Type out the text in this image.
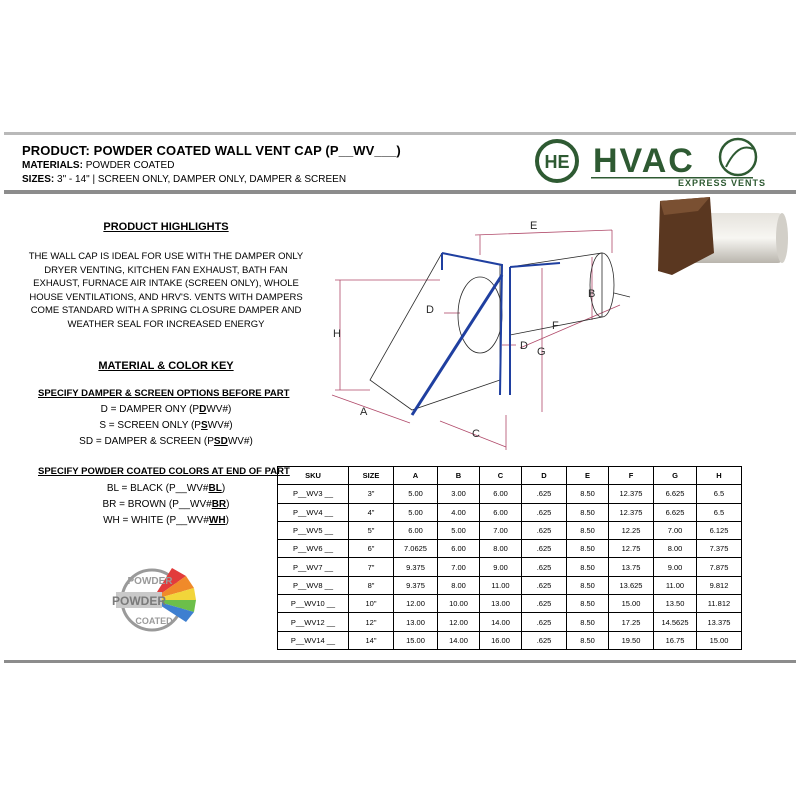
PRODUCT: POWDER COATED WALL VENT CAP (P__WV___)
MATERIALS: POWDER COATED
SIZES: 3" - 14" | SCREEN ONLY, DAMPER ONLY, DAMPER & SCREEN
HE HVAC
EXPRESS VENTS
PRODUCT HIGHLIGHTS
THE WALL CAP IS IDEAL FOR USE WITH THE DAMPER ONLY
DRYER VENTING, KITCHEN FAN EXHAUST, BATH FAN
EXHAUST, FURNACE AIR INTAKE (SCREEN ONLY), WHOLE
HOUSE VENTILATIONS, AND HRV'S. VENTS WITH DAMPERS
COME STANDARD WITH A SPRING CLOSURE DAMPER AND
WEATHER SEAL FOR INCREASED ENERGY
MATERIAL & COLOR KEY
SPECIFY DAMPER & SCREEN OPTIONS BEFORE PART
D = DAMPER ONY (PDWV#)
S = SCREEN ONLY (PSWV#)
SD = DAMPER & SCREEN (PSDWV#)
SPECIFY POWDER COATED COLORS AT END OF PART
BL = BLACK (P__WV#BL)
BR = BROWN (P__WV#BR)
WH = WHITE (P__WV#WH)
POWDER
POWDER
COATED
E
B
F
G
H
A
C
D
D
SKU	SIZE	A	B	C	D	E	F	G	H
P__WV3 __	3"	5.00	3.00	6.00	.625	8.50	12.375	6.625	6.5
P__WV4 __	4"	5.00	4.00	6.00	.625	8.50	12.375	6.625	6.5
P__WV5 __	5"	6.00	5.00	7.00	.625	8.50	12.25	7.00	6.125
P__WV6 __	6"	7.0625	6.00	8.00	.625	8.50	12.75	8.00	7.375
P__WV7 __	7"	9.375	7.00	9.00	.625	8.50	13.75	9.00	7.875
P__WV8 __	8"	9.375	8.00	11.00	.625	8.50	13.625	11.00	9.812
P__WV10 __	10"	12.00	10.00	13.00	.625	8.50	15.00	13.50	11.812
P__WV12 __	12"	13.00	12.00	14.00	.625	8.50	17.25	14.5625	13.375
P__WV14 __	14"	15.00	14.00	16.00	.625	8.50	19.50	16.75	15.00
